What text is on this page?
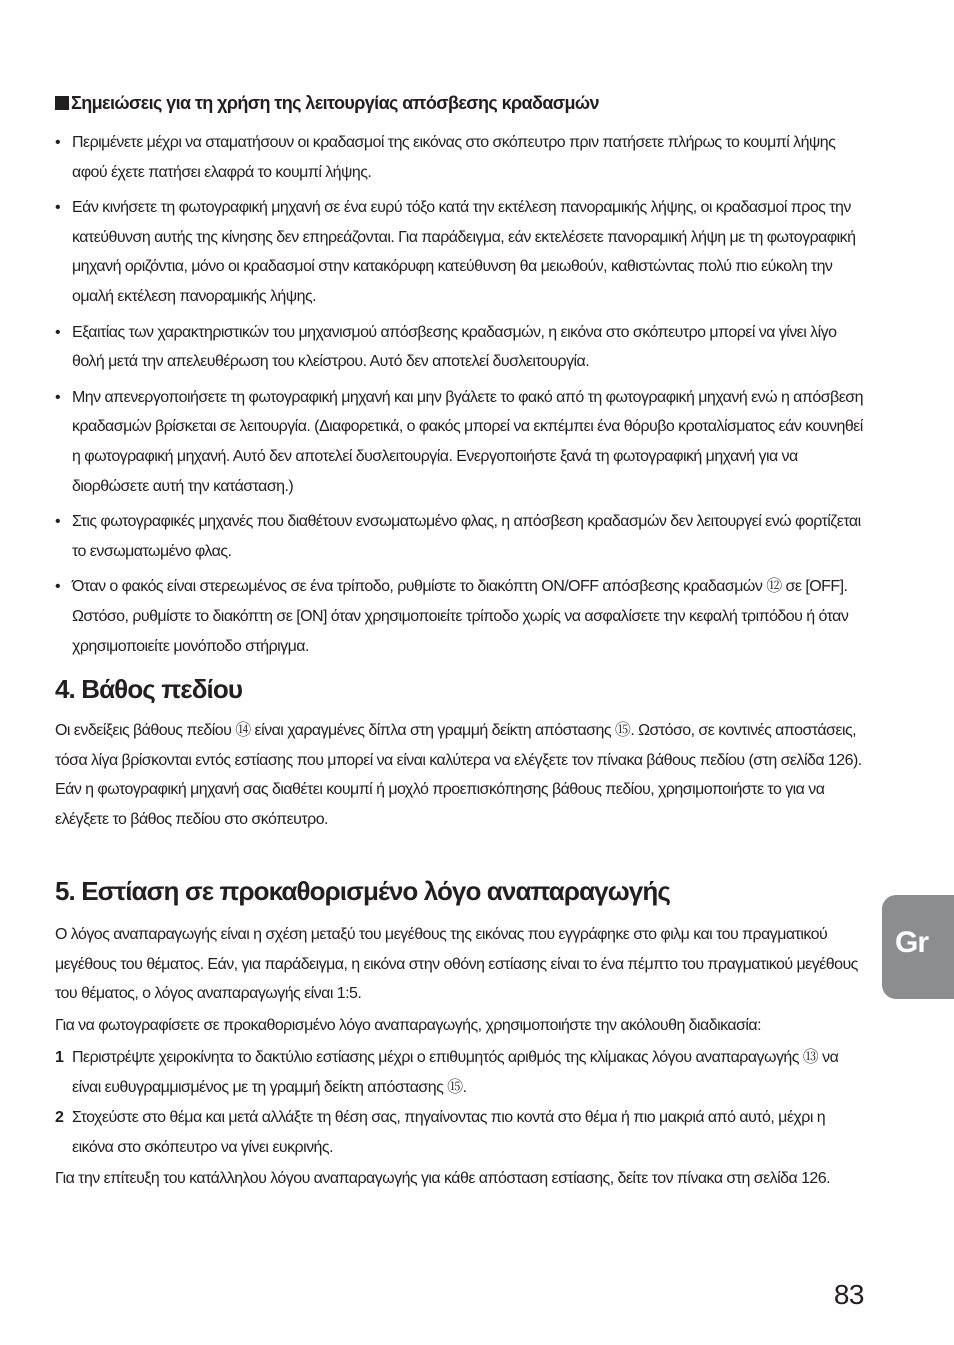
Σημειώσεις για τη χρήση της λειτουργίας απόσβεσης κραδασμών
• Περιμένετε μέχρι να σταματήσουν οι κραδασμοί της εικόνας στο σκόπευτρο πριν πατήσετε πλήρως το κουμπί λήψης αφού έχετε πατήσει ελαφρά το κουμπί λήψης.
• Εάν κινήσετε τη φωτογραφική μηχανή σε ένα ευρύ τόξο κατά την εκτέλεση πανοραμικής λήψης, οι κραδασμοί προς την κατεύθυνση αυτής της κίνησης δεν επηρεάζονται. Για παράδειγμα, εάν εκτελέσετε πανοραμική λήψη με τη φωτογραφική μηχανή οριζόντια, μόνο οι κραδασμοί στην κατακόρυφη κατεύθυνση θα μειωθούν, καθιστώντας πολύ πιο εύκολη την ομαλή εκτέλεση πανοραμικής λήψης.
• Εξαιτίας των χαρακτηριστικών του μηχανισμού απόσβεσης κραδασμών, η εικόνα στο σκόπευτρο μπορεί να γίνει λίγο θολή μετά την απελευθέρωση του κλείστρου. Αυτό δεν αποτελεί δυσλειτουργία.
• Μην απενεργοποιήσετε τη φωτογραφική μηχανή και μην βγάλετε το φακό από τη φωτογραφική μηχανή ενώ η απόσβεση κραδασμών βρίσκεται σε λειτουργία. (Διαφορετικά, ο φακός μπορεί να εκπέμπει ένα θόρυβο κροταλίσματος εάν κουνηθεί η φωτογραφική μηχανή. Αυτό δεν αποτελεί δυσλειτουργία. Ενεργοποιήστε ξανά τη φωτογραφική μηχανή για να διορθώσετε αυτή την κατάσταση.)
• Στις φωτογραφικές μηχανές που διαθέτουν ενσωματωμένο φλας, η απόσβεση κραδασμών δεν λειτουργεί ενώ φορτίζεται το ενσωματωμένο φλας.
• Όταν ο φακός είναι στερεωμένος σε ένα τρίποδο, ρυθμίστε το διακόπτη ON/OFF απόσβεσης κραδασμών ⑫ σε [OFF]. Ωστόσο, ρυθμίστε το διακόπτη σε [ON] όταν χρησιμοποιείτε τρίποδο χωρίς να ασφαλίσετε την κεφαλή τριπόδου ή όταν χρησιμοποιείτε μονόποδο στήριγμα.
4. Βάθος πεδίου
Οι ενδείξεις βάθους πεδίου ⑭ είναι χαραγμένες δίπλα στη γραμμή δείκτη απόστασης ⑮. Ωστόσο, σε κοντινές αποστάσεις, τόσα λίγα βρίσκονται εντός εστίασης που μπορεί να είναι καλύτερα να ελέγξετε τον πίνακα βάθους πεδίου (στη σελίδα 126). Εάν η φωτογραφική μηχανή σας διαθέτει κουμπί ή μοχλό προεπισκόπησης βάθους πεδίου, χρησιμοποιήστε το για να ελέγξετε το βάθος πεδίου στο σκόπευτρο.
5. Εστίαση σε προκαθορισμένο λόγο αναπαραγωγής
Ο λόγος αναπαραγωγής είναι η σχέση μεταξύ του μεγέθους της εικόνας που εγγράφηκε στο φιλμ και του πραγματικού μεγέθους του θέματος. Εάν, για παράδειγμα, η εικόνα στην οθόνη εστίασης είναι το ένα πέμπτο του πραγματικού μεγέθους του θέματος, ο λόγος αναπαραγωγής είναι 1:5.
Για να φωτογραφίσετε σε προκαθορισμένο λόγο αναπαραγωγής, χρησιμοποιήστε την ακόλουθη διαδικασία:
1 Περιστρέψτε χειροκίνητα το δακτύλιο εστίασης μέχρι ο επιθυμητός αριθμός της κλίμακας λόγου αναπαραγωγής ⑬ να είναι ευθυγραμμισμένος με τη γραμμή δείκτη απόστασης ⑮.
2 Στοχεύστε στο θέμα και μετά αλλάξτε τη θέση σας, πηγαίνοντας πιο κοντά στο θέμα ή πιο μακριά από αυτό, μέχρι η εικόνα στο σκόπευτρο να γίνει ευκρινής.
Για την επίτευξη του κατάλληλου λόγου αναπαραγωγής για κάθε απόσταση εστίασης, δείτε τον πίνακα στη σελίδα 126.
Gr
83
